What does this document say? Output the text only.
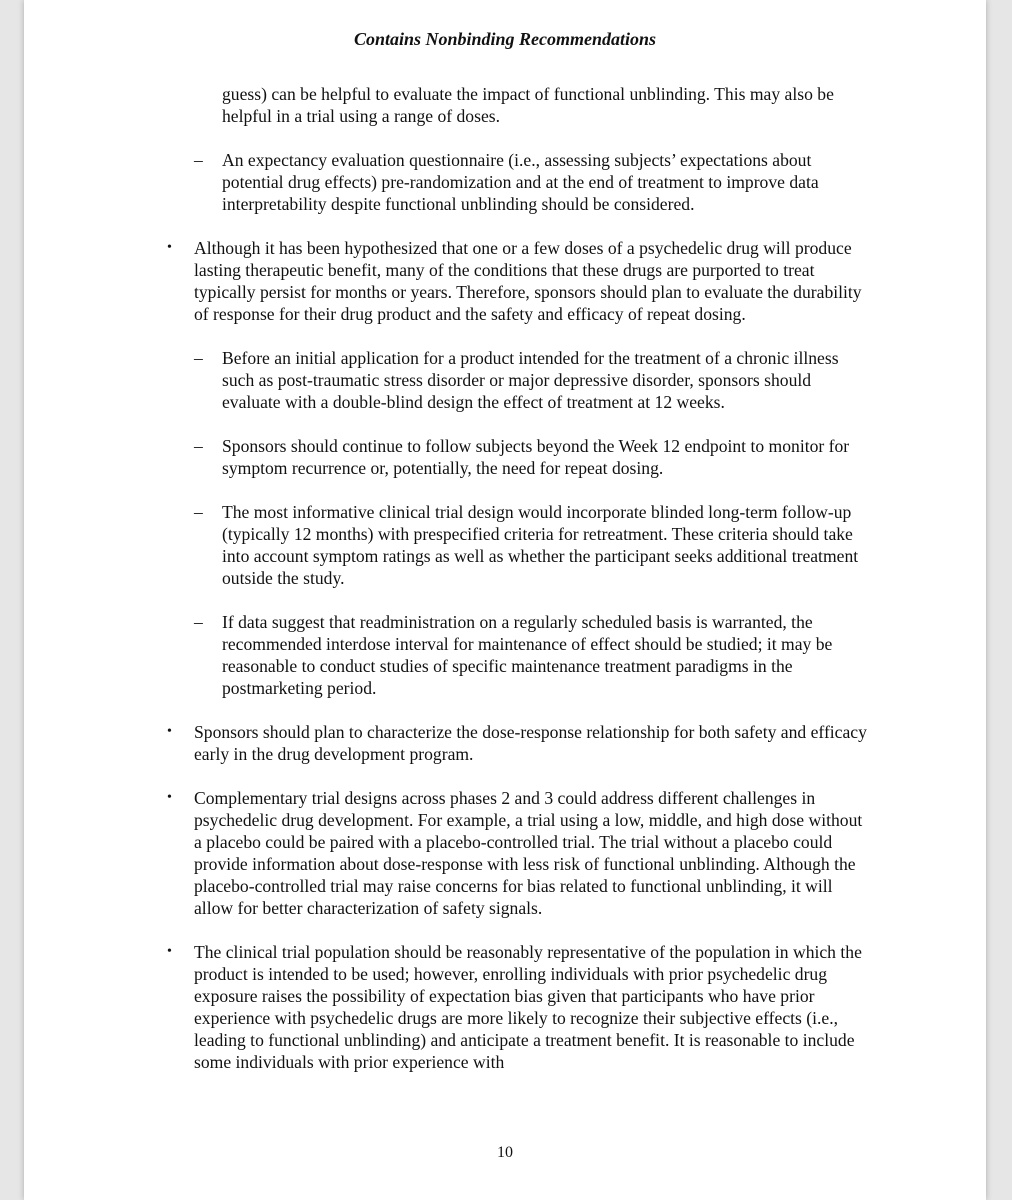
Contains Nonbinding Recommendations
guess) can be helpful to evaluate the impact of functional unblinding. This may also be helpful in a trial using a range of doses.
– An expectancy evaluation questionnaire (i.e., assessing subjects’ expectations about potential drug effects) pre-randomization and at the end of treatment to improve data interpretability despite functional unblinding should be considered.
• Although it has been hypothesized that one or a few doses of a psychedelic drug will produce lasting therapeutic benefit, many of the conditions that these drugs are purported to treat typically persist for months or years. Therefore, sponsors should plan to evaluate the durability of response for their drug product and the safety and efficacy of repeat dosing.
– Before an initial application for a product intended for the treatment of a chronic illness such as post-traumatic stress disorder or major depressive disorder, sponsors should evaluate with a double-blind design the effect of treatment at 12 weeks.
– Sponsors should continue to follow subjects beyond the Week 12 endpoint to monitor for symptom recurrence or, potentially, the need for repeat dosing.
– The most informative clinical trial design would incorporate blinded long-term follow-up (typically 12 months) with prespecified criteria for retreatment. These criteria should take into account symptom ratings as well as whether the participant seeks additional treatment outside the study.
– If data suggest that readministration on a regularly scheduled basis is warranted, the recommended interdose interval for maintenance of effect should be studied; it may be reasonable to conduct studies of specific maintenance treatment paradigms in the postmarketing period.
• Sponsors should plan to characterize the dose-response relationship for both safety and efficacy early in the drug development program.
• Complementary trial designs across phases 2 and 3 could address different challenges in psychedelic drug development. For example, a trial using a low, middle, and high dose without a placebo could be paired with a placebo-controlled trial. The trial without a placebo could provide information about dose-response with less risk of functional unblinding. Although the placebo-controlled trial may raise concerns for bias related to functional unblinding, it will allow for better characterization of safety signals.
• The clinical trial population should be reasonably representative of the population in which the product is intended to be used; however, enrolling individuals with prior psychedelic drug exposure raises the possibility of expectation bias given that participants who have prior experience with psychedelic drugs are more likely to recognize their subjective effects (i.e., leading to functional unblinding) and anticipate a treatment benefit. It is reasonable to include some individuals with prior experience with
10
